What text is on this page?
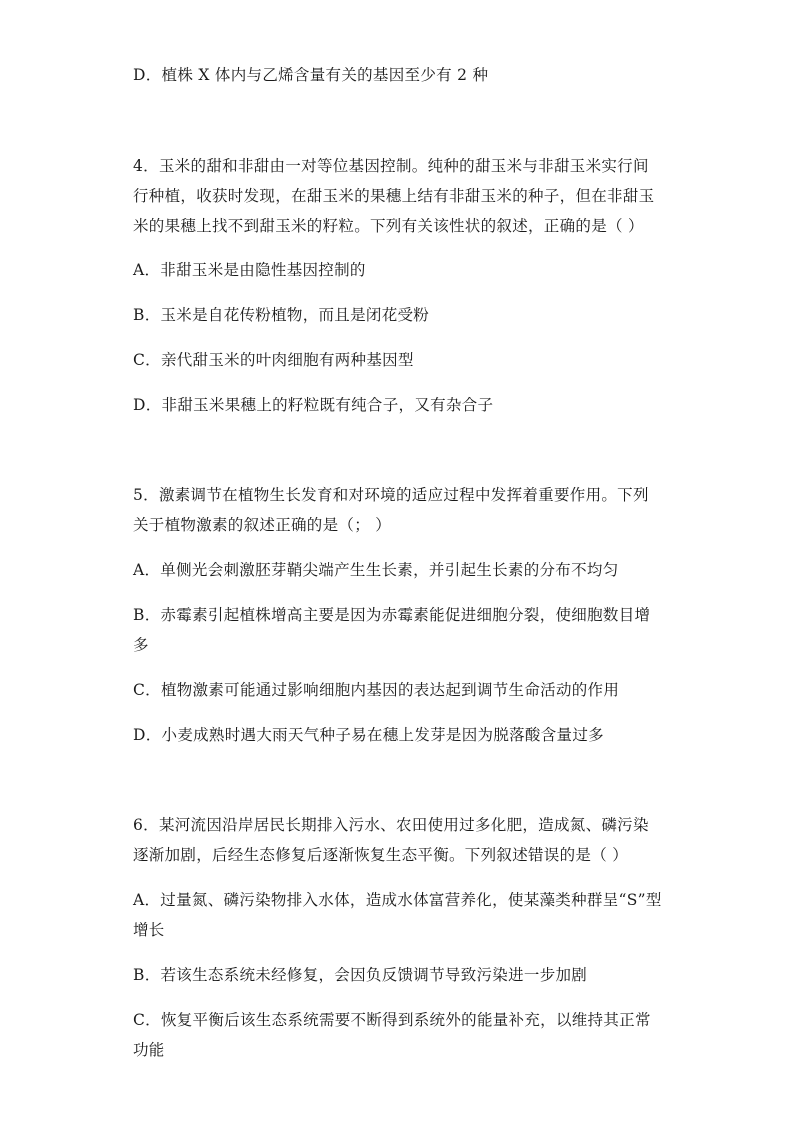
D．植株 X 体内与乙烯含量有关的基因至少有 2 种
4．玉米的甜和非甜由一对等位基因控制。纯种的甜玉米与非甜玉米实行间
行种植，收获时发现，在甜玉米的果穗上结有非甜玉米的种子，但在非甜玉
米的果穗上找不到甜玉米的籽粒。下列有关该性状的叙述，正确的是（ ）
A．非甜玉米是由隐性基因控制的
B．玉米是自花传粉植物，而且是闭花受粉
C．亲代甜玉米的叶肉细胞有两种基因型
D．非甜玉米果穗上的籽粒既有纯合子，又有杂合子
5．激素调节在植物生长发育和对环境的适应过程中发挥着重要作用。下列
关于植物激素的叙述正确的是（； ）
A．单侧光会刺激胚芽鞘尖端产生生长素，并引起生长素的分布不均匀
B．赤霉素引起植株增高主要是因为赤霉素能促进细胞分裂，使细胞数目增
多
C．植物激素可能通过影响细胞内基因的表达起到调节生命活动的作用
D．小麦成熟时遇大雨天气种子易在穗上发芽是因为脱落酸含量过多
6．某河流因沿岸居民长期排入污水、农田使用过多化肥，造成氮、磷污染
逐渐加剧，后经生态修复后逐渐恢复生态平衡。下列叙述错误的是（ ）
A．过量氮、磷污染物排入水体，造成水体富营养化，使某藻类种群呈“S”型
增长
B．若该生态系统未经修复，会因负反馈调节导致污染进一步加剧
C．恢复平衡后该生态系统需要不断得到系统外的能量补充，以维持其正常
功能
